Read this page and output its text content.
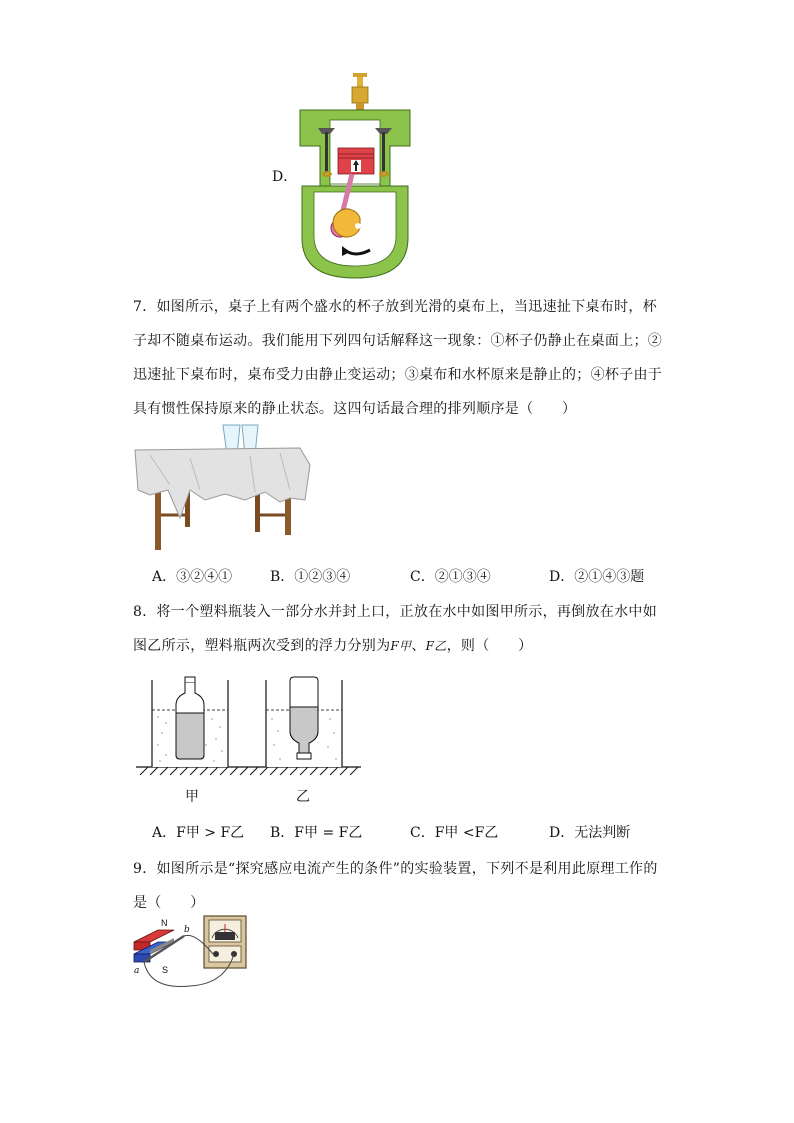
D．
7．如图所示，桌子上有两个盛水的杯子放到光滑的桌布上，当迅速扯下桌布时，杯子却不随桌布运动。我们能用下列四句话解释这一现象：①杯子仍静止在桌面上；②迅速扯下桌布时，桌布受力由静止变运动；③桌布和水杯原来是静止的；④杯子由于具有惯性保持原来的静止状态。这四句话最合理的排列顺序是（　　）
A．③②④①	B．①②③④	C．②①③④	D．②①④③题
8．将一个塑料瓶装入一部分水并封上口，正放在水中如图甲所示，再倒放在水中如图乙所示，塑料瓶两次受到的浮力分别为F甲、F乙，则（　　）
甲	乙
A．F甲 > F乙 B．F甲 = F乙	C．F甲 <F乙	D．无法判断
9．如图所示是“探究感应电流产生的条件”的实验装置，下列不是利用此原理工作的是（　　）
N
S
a
b
